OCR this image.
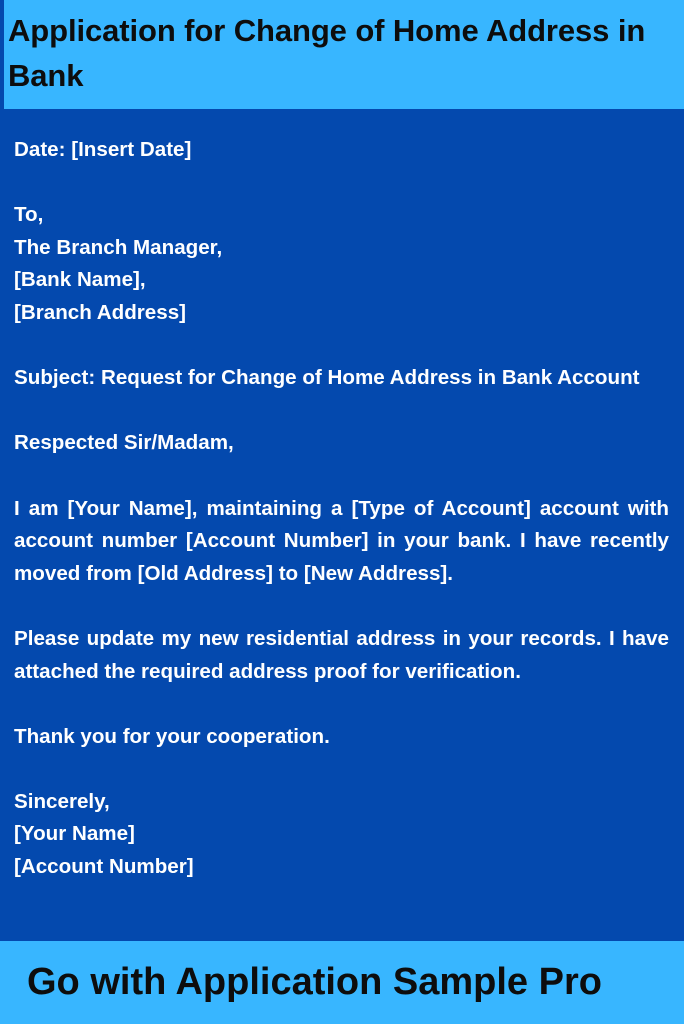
Application for Change of Home Address in Bank

Date: [Insert Date]

To,

The Branch Manager,

[Bank Name],

[Branch Address]

Subject: Request for Change of Home Address in Bank Account

Respected Sir/Madam,

I am [Your Name], maintaining a [Type of Account] account with account number [Account Number] in your bank. I have recently moved from [Old Address] to [New Address].

Please update my new residential address in your records. I have attached the required address proof for verification.

Thank you for your cooperation.

Sincerely,

[Your Name]

[Account Number]

Go with Application Sample Pro
